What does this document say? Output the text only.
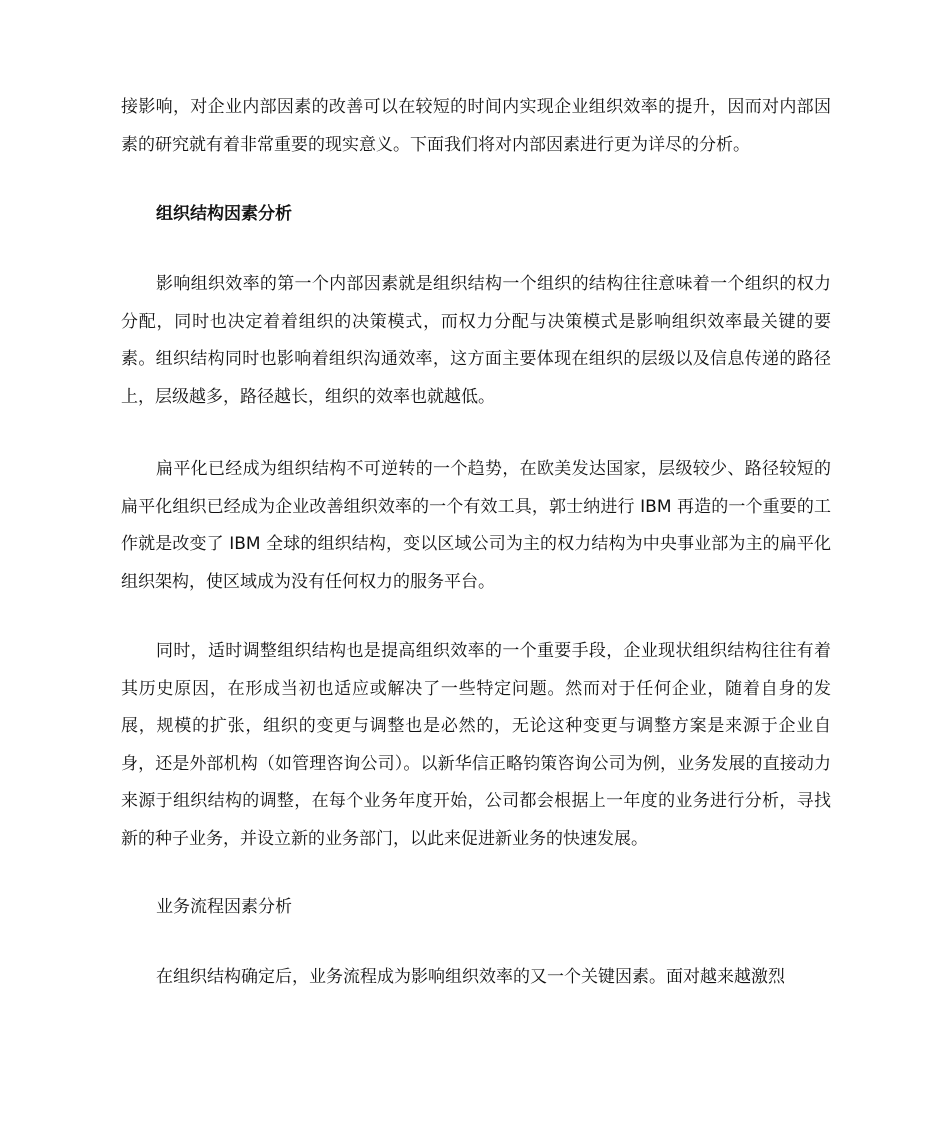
接影响，对企业内部因素的改善可以在较短的时间内实现企业组织效率的提升，因而对内部因素的研究就有着非常重要的现实意义。下面我们将对内部因素进行更为详尽的分析。

组织结构因素分析

影响组织效率的第一个内部因素就是组织结构一个组织的结构往往意味着一个组织的权力分配，同时也决定着着组织的决策模式，而权力分配与决策模式是影响组织效率最关键的要素。组织结构同时也影响着组织沟通效率，这方面主要体现在组织的层级以及信息传递的路径上，层级越多，路径越长，组织的效率也就越低。

扁平化已经成为组织结构不可逆转的一个趋势，在欧美发达国家，层级较少、路径较短的扁平化组织已经成为企业改善组织效率的一个有效工具，郭士纳进行 IBM 再造的一个重要的工作就是改变了 IBM 全球的组织结构，变以区域公司为主的权力结构为中央事业部为主的扁平化组织架构，使区域成为没有任何权力的服务平台。

同时，适时调整组织结构也是提高组织效率的一个重要手段，企业现状组织结构往往有着其历史原因，在形成当初也适应或解决了一些特定问题。然而对于任何企业，随着自身的发展，规模的扩张，组织的变更与调整也是必然的，无论这种变更与调整方案是来源于企业自身，还是外部机构（如管理咨询公司）。以新华信正略钧策咨询公司为例，业务发展的直接动力来源于组织结构的调整，在每个业务年度开始，公司都会根据上一年度的业务进行分析，寻找新的种子业务，并设立新的业务部门，以此来促进新业务的快速发展。

业务流程因素分析

在组织结构确定后，业务流程成为影响组织效率的又一个关键因素。面对越来越激烈
